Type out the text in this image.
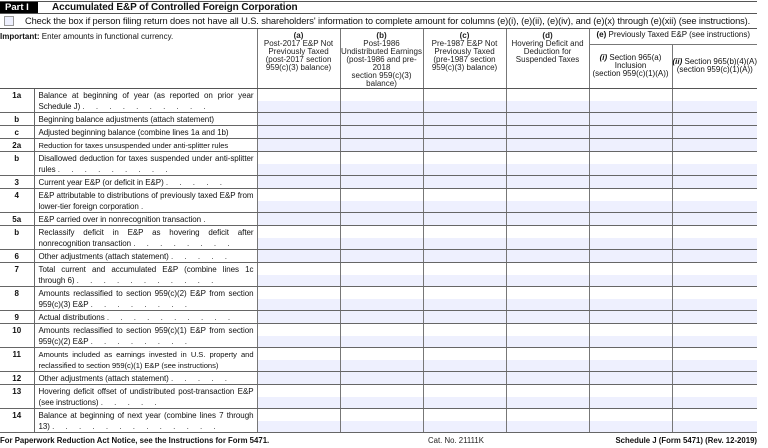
Part I	Accumulated E&P of Controlled Foreign Corporation
Check the box if person filing return does not have all U.S. shareholders' information to complete amount for columns (e)(i), (e)(ii), (e)(iv), and (e)(x) through (e)(xii) (see instructions).
Important: Enter amounts in functional currency.		(a)
Post-2017 E&P Not
Previously Taxed
(post-2017 section
959(c)(3) balance)	(b)
Post-1986
Undistributed Earnings
(post-1986 and pre-2018
section 959(c)(3) balance)	(c)
Pre-1987 E&P Not
Previously Taxed
(pre-1987 section
959(c)(3) balance)	(d)
Hovering Deficit and
Deduction for
Suspended Taxes	(e) Previously Taxed E&P (see instructions)	

						(i) Section 965(a)
Inclusion
(section 959(c)(1)(A))	(ii) Section 965(b)(4)(A)
(section 959(c)(1)(A))

1a	Balance at beginning of year (as reported on prior year Schedule J) . . . . . . . . . .	

b	Beginning balance adjustments (attach statement)	

c	Adjusted beginning balance (combine lines 1a and 1b)	

2a	Reduction for taxes unsuspended under anti-splitter rules	

b	Disallowed deduction for taxes suspended under anti-splitter rules . . . . . . . . .	

3	Current year E&P (or deficit in E&P) . . . . .	

4	E&P attributable to distributions of previously taxed E&P from lower-tier foreign corporation .	

5a	E&P carried over in nonrecognition transaction .	

b	Reclassify deficit in E&P as hovering deficit after nonrecognition transaction . . . . . . . .	

6	Other adjustments (attach statement) . . . . .	

7	Total current and accumulated E&P (combine lines 1c through 6) . . . . . . . . . . .	

8	Amounts reclassified to section 959(c)(2) E&P from section 959(c)(3) E&P . . . . . . . .	

9	Actual distributions . . . . . . . . . .	

10	Amounts reclassified to section 959(c)(1) E&P from section 959(c)(2) E&P . . . . . . . .	

11	Amounts included as earnings invested in U.S. property and reclassified to section 959(c)(1) E&P (see instructions)	

12	Other adjustments (attach statement) . . . . .	

13	Hovering deficit offset of undistributed post-transaction E&P (see instructions) . . . . .	

14	Balance at beginning of next year (combine lines 7 through 13) . . . . . . . . . . . . .	

For Paperwork Reduction Act Notice, see the Instructions for Form 5471.	Cat. No. 21111K	Schedule J (Form 5471) (Rev. 12-2019)
